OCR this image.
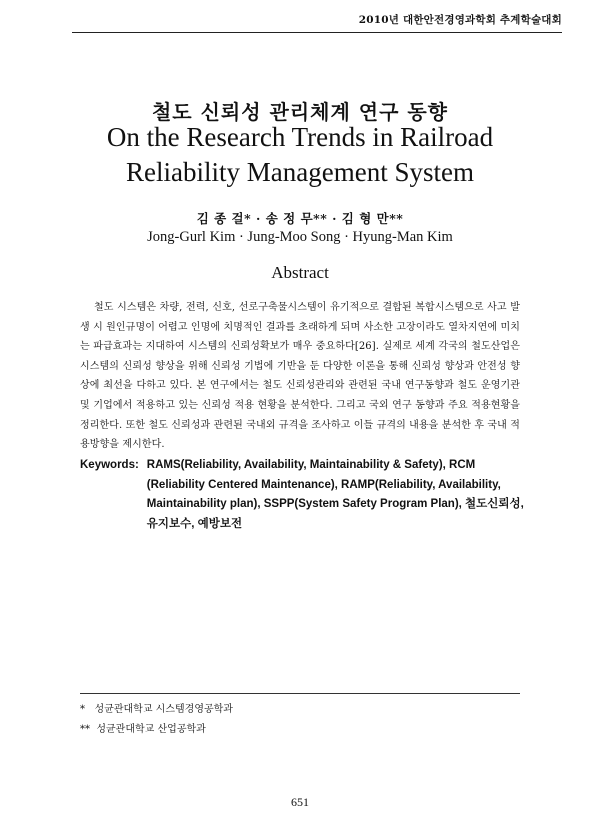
2010년 대한안전경영과학회 추계학술대회
철도 신뢰성 관리체계 연구 동향
On the Research Trends in Railroad
Reliability Management System
김 종 걸* · 송 정 무** · 김 형 만**
Jong-Gurl Kim · Jung-Moo Song · Hyung-Man Kim
Abstract
철도 시스템은 차량, 전력, 신호, 선로구축물시스템이 유기적으로 결합된 복합시스템으로 사고 발생 시 원인규명이 어렵고 인명에 치명적인 결과를 초래하게 되며 사소한 고장이라도 열차지연에 미치는 파급효과는 지대하여 시스템의 신뢰성확보가 매우 중요하다[26]. 실제로 세계 각국의 철도산업은 시스템의 신뢰성 향상을 위해 신뢰성 기법에 기반을 둔 다양한 이론을 통해 신뢰성 향상과 안전성 향상에 최선을 다하고 있다. 본 연구에서는 철도 신뢰성관리와 관련된 국내 연구동향과 철도 운영기관 및 기업에서 적용하고 있는 신뢰성 적용 현황을 분석한다. 그리고 국외 연구 동향과 주요 적용현황을 정리한다. 또한 철도 신뢰성과 관련된 국내외 규격을 조사하고 이들 규격의 내용을 분석한 후 국내 적용방향을 제시한다.
Keywords: RAMS(Reliability, Availability, Maintainability & Safety), RCM (Reliability Centered Maintenance), RAMP(Reliability, Availability, Maintainability plan), SSPP(System Safety Program Plan), 철도신뢰성, 유지보수, 예방보전
* 성균관대학교 시스템경영공학과
** 성균관대학교 산업공학과
651
